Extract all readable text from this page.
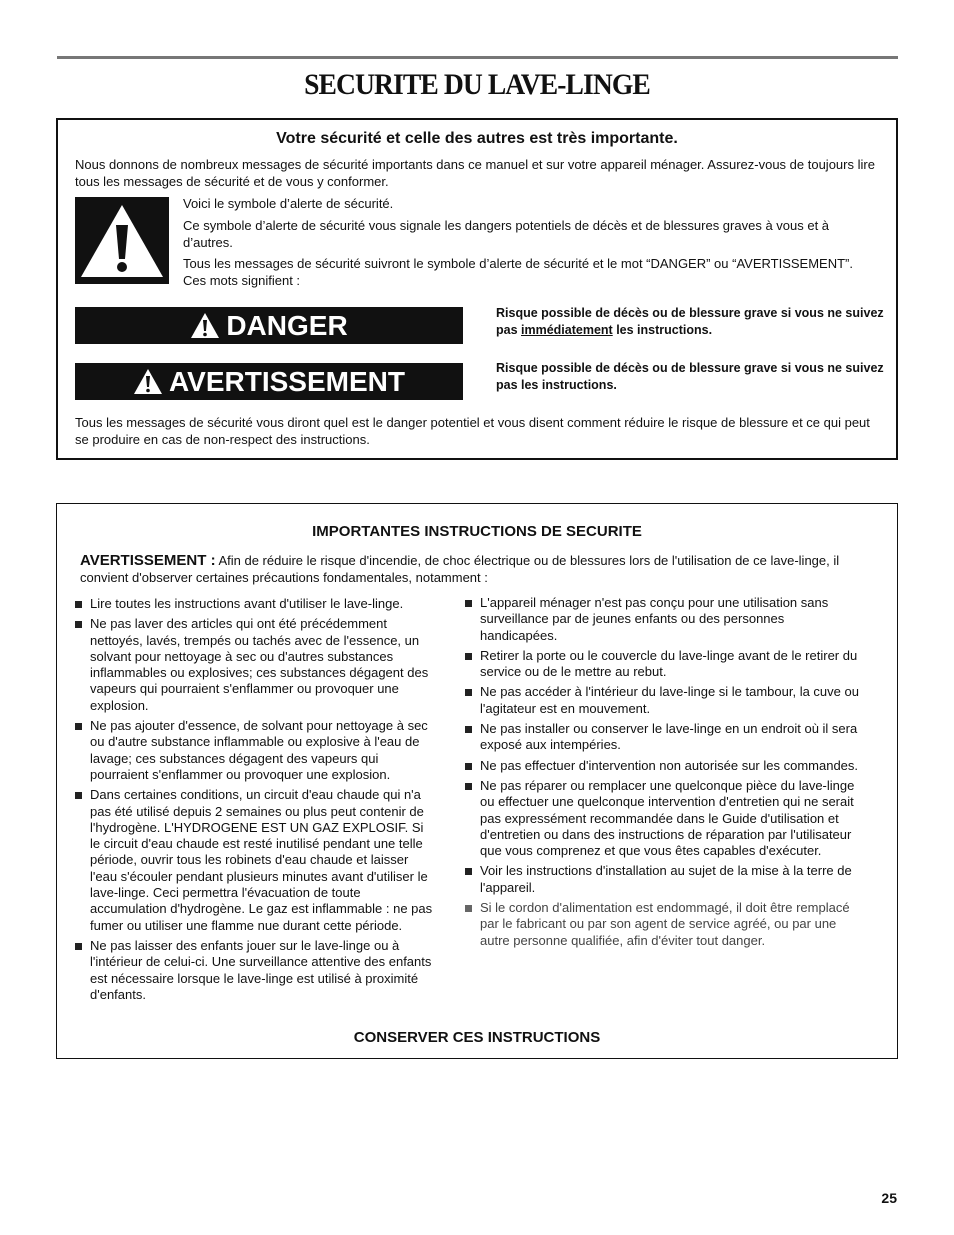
SECURITE DU LAVE-LINGE
Votre sécurité et celle des autres est très importante.

Nous donnons de nombreux messages de sécurité importants dans ce manuel et sur votre appareil ménager. Assurez-vous de toujours lire tous les messages de sécurité et de vous y conformer.

Voici le symbole d’alerte de sécurité.

Ce symbole d’alerte de sécurité vous signale les dangers potentiels de décès et de blessures graves à vous et à d’autres.

Tous les messages de sécurité suivront le symbole d’alerte de sécurité et le mot “DANGER” ou “AVERTISSEMENT”. Ces mots signifient :

DANGER	Risque possible de décès ou de blessure grave si vous ne suivez pas immédiatement les instructions.
AVERTISSEMENT	Risque possible de décès ou de blessure grave si vous ne suivez pas les instructions.

Tous les messages de sécurité vous diront quel est le danger potentiel et vous disent comment réduire le risque de blessure et ce qui peut se produire en cas de non-respect des instructions.

IMPORTANTES INSTRUCTIONS DE SECURITE
AVERTISSEMENT : Afin de réduire le risque d'incendie, de choc électrique ou de blessures lors de l'utilisation de ce lave-linge, il convient d'observer certaines précautions fondamentales, notamment :
Lire toutes les instructions avant d'utiliser le lave-linge.
Ne pas laver des articles qui ont été précédemment nettoyés, lavés, trempés ou tachés avec de l'essence, un solvant pour nettoyage à sec ou d'autres substances inflammables ou explosives; ces substances dégagent des vapeurs qui pourraient s'enflammer ou provoquer une explosion.
Ne pas ajouter d'essence, de solvant pour nettoyage à sec ou d'autre substance inflammable ou explosive à l'eau de lavage; ces substances dégagent des vapeurs qui pourraient s'enflammer ou provoquer une explosion.
Dans certaines conditions, un circuit d'eau chaude qui n'a pas été utilisé depuis 2 semaines ou plus peut contenir de l'hydrogène. L'HYDROGENE EST UN GAZ EXPLOSIF. Si le circuit d'eau chaude est resté inutilisé pendant une telle période, ouvrir tous les robinets d'eau chaude et laisser l'eau s'écouler pendant plusieurs minutes avant d'utiliser le lave-linge. Ceci permettra l'évacuation de toute accumulation d'hydrogène. Le gaz est inflammable : ne pas fumer ou utiliser une flamme nue durant cette période.
Ne pas laisser des enfants jouer sur le lave-linge ou à l'intérieur de celui-ci. Une surveillance attentive des enfants est nécessaire lorsque le lave-linge est utilisé à proximité d'enfants.
L'appareil ménager n'est pas conçu pour une utilisation sans surveillance par de jeunes enfants ou des personnes handicapées.
Retirer la porte ou le couvercle du lave-linge avant de le retirer du service ou de le mettre au rebut.
Ne pas accéder à l'intérieur du lave-linge si le tambour, la cuve ou l'agitateur est en mouvement.
Ne pas installer ou conserver le lave-linge en un endroit où il sera exposé aux intempéries.
Ne pas effectuer d'intervention non autorisée sur les commandes.
Ne pas réparer ou remplacer une quelconque pièce du lave-linge ou effectuer une quelconque intervention d'entretien qui ne serait pas expressément recommandée dans le Guide d'utilisation et d'entretien ou dans des instructions de réparation par l'utilisateur que vous comprenez et que vous êtes capables d'exécuter.
Voir les instructions d'installation au sujet de la mise à la terre de l'appareil.
Si le cordon d'alimentation est endommagé, il doit être remplacé par le fabricant ou par son agent de service agréé, ou par une autre personne qualifiée, afin d'éviter tout danger.
CONSERVER CES INSTRUCTIONS
25
